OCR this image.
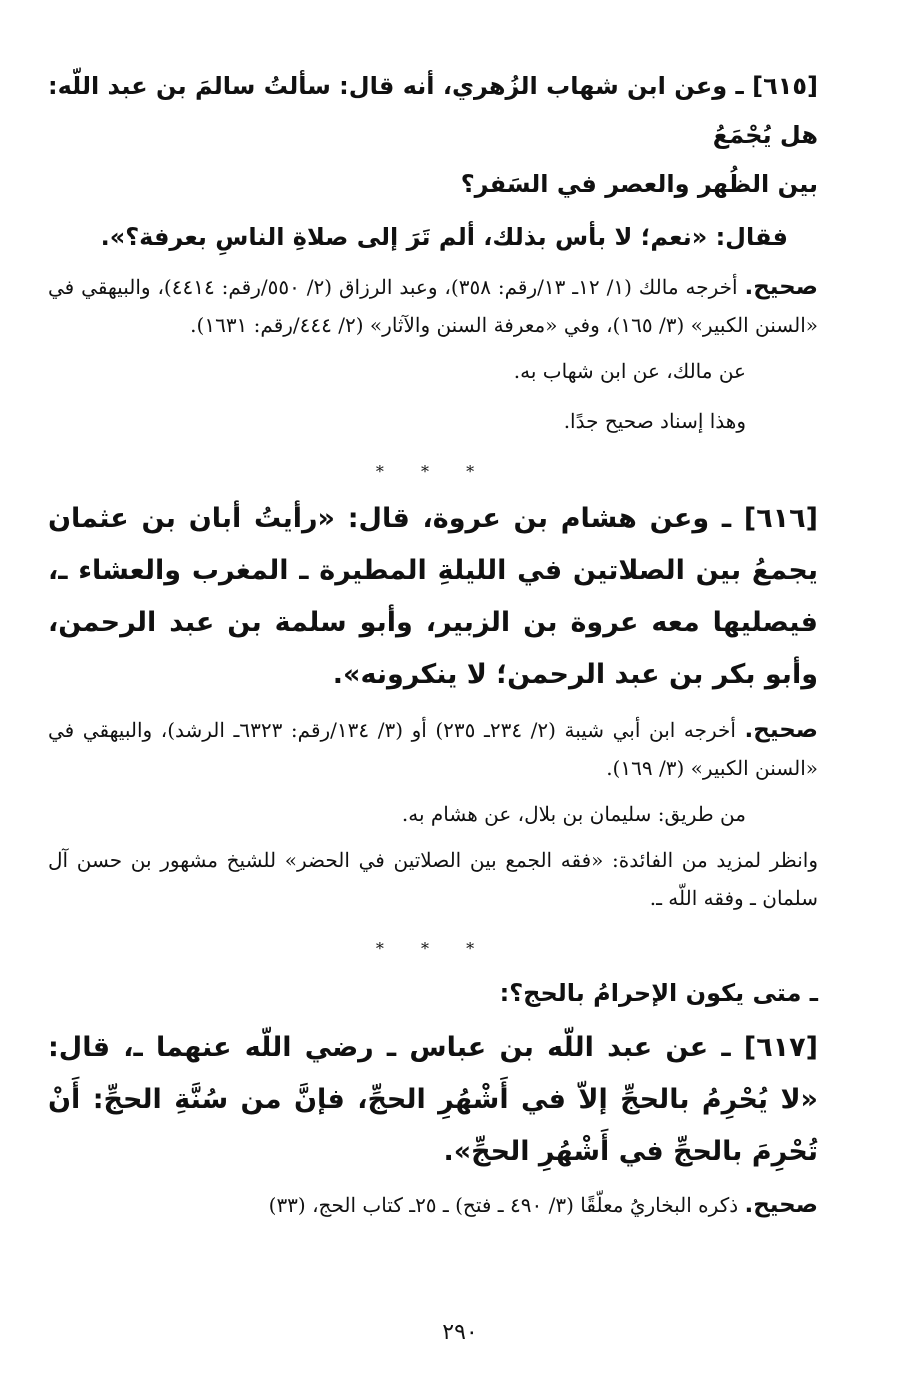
[٦١٥] ـ وعن ابن شهاب الزُهري، أنه قال: سألتُ سالمَ بن عبد اللّه: هل يُجْمَعُ

بين الظُهر والعصر في السَفر؟

فقال: «نعم؛ لا بأس بذلك، ألم تَرَ إلى صلاةِ الناسِ بعرفة؟».

صحيح. أخرجه مالك (١/ ١٢ـ ١٣/رقم: ٣٥٨)، وعبد الرزاق (٢/ ٥٥٠/رقم: ٤٤١٤)، والبيهقي في «السنن الكبير» (٣/ ١٦٥)، وفي «معرفة السنن والآثار» (٢/ ٤٤٤/رقم: ١٦٣١).

عن مالك، عن ابن شهاب به.

وهذا إسناد صحيح جدًا.

* * *

[٦١٦] ـ وعن هشام بن عروة، قال: «رأيتُ أبان بن عثمان يجمعُ بين الصلاتين في الليلةِ المطيرة ـ المغرب والعشاء ـ، فيصليها معه عروة بن الزبير، وأبو سلمة بن عبد الرحمن، وأبو بكر بن عبد الرحمن؛ لا ينكرونه».

صحيح. أخرجه ابن أبي شيبة (٢/ ٢٣٤ـ ٢٣٥) أو (٣/ ١٣٤/رقم: ٦٣٢٣ـ الرشد)، والبيهقي في «السنن الكبير» (٣/ ١٦٩).

من طريق: سليمان بن بلال، عن هشام به.

وانظر لمزيد من الفائدة: «فقه الجمع بين الصلاتين في الحضر» للشيخ مشهور بن حسن آل سلمان ـ وفقه اللّه ـ.

* * *

ـ متى يكون الإحرامُ بالحج؟:

[٦١٧] ـ عن عبد اللّه بن عباس ـ رضي اللّه عنهما ـ، قال: «لا يُحْرِمُ بالحجِّ إلاّ في أَشْهُرِ الحجِّ، فإنَّ من سُنَّةِ الحجِّ: أَنْ تُحْرِمَ بالحجِّ في أَشْهُرِ الحجِّ».

صحيح. ذكره البخاريُ معلّقًا (٣/ ٤٩٠ ـ فتح) ـ ٢٥ـ كتاب الحج، (٣٣)

٢٩٠
